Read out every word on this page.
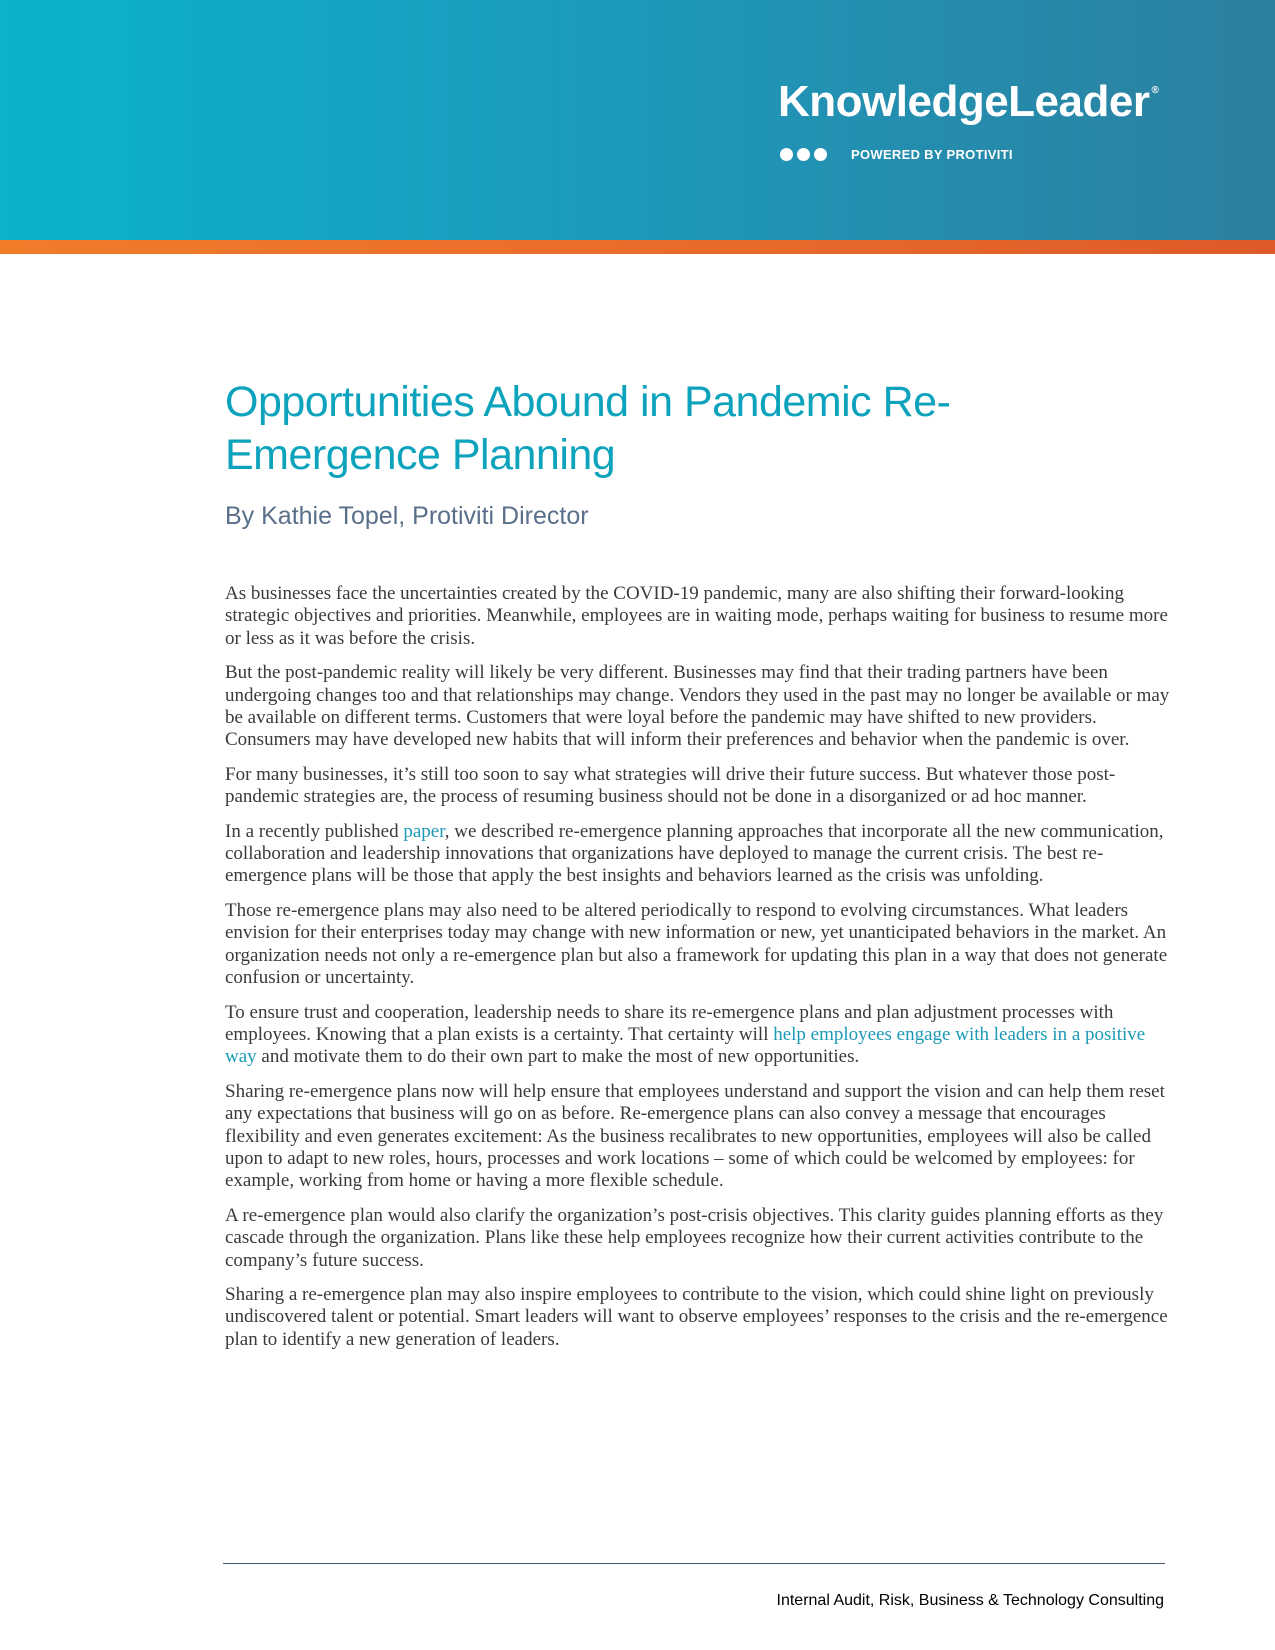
KnowledgeLeader ®
POWERED BY PROTIVITI
Opportunities Abound in Pandemic Re-Emergence Planning

By Kathie Topel, Protiviti Director

As businesses face the uncertainties created by the COVID-19 pandemic, many are also shifting their forward-looking strategic objectives and priorities. Meanwhile, employees are in waiting mode, perhaps waiting for business to resume more or less as it was before the crisis.

But the post-pandemic reality will likely be very different. Businesses may find that their trading partners have been undergoing changes too and that relationships may change. Vendors they used in the past may no longer be available or may be available on different terms. Customers that were loyal before the pandemic may have shifted to new providers. Consumers may have developed new habits that will inform their preferences and behavior when the pandemic is over.

For many businesses, it’s still too soon to say what strategies will drive their future success. But whatever those post-pandemic strategies are, the process of resuming business should not be done in a disorganized or ad hoc manner.

In a recently published paper, we described re-emergence planning approaches that incorporate all the new communication, collaboration and leadership innovations that organizations have deployed to manage the current crisis. The best re-emergence plans will be those that apply the best insights and behaviors learned as the crisis was unfolding.

Those re-emergence plans may also need to be altered periodically to respond to evolving circumstances. What leaders envision for their enterprises today may change with new information or new, yet unanticipated behaviors in the market. An organization needs not only a re-emergence plan but also a framework for updating this plan in a way that does not generate confusion or uncertainty.

To ensure trust and cooperation, leadership needs to share its re-emergence plans and plan adjustment processes with employees. Knowing that a plan exists is a certainty. That certainty will help employees engage with leaders in a positive way and motivate them to do their own part to make the most of new opportunities.

Sharing re-emergence plans now will help ensure that employees understand and support the vision and can help them reset any expectations that business will go on as before. Re-emergence plans can also convey a message that encourages flexibility and even generates excitement: As the business recalibrates to new opportunities, employees will also be called upon to adapt to new roles, hours, processes and work locations – some of which could be welcomed by employees: for example, working from home or having a more flexible schedule.

A re-emergence plan would also clarify the organization’s post-crisis objectives. This clarity guides planning efforts as they cascade through the organization. Plans like these help employees recognize how their current activities contribute to the company’s future success.

Sharing a re-emergence plan may also inspire employees to contribute to the vision, which could shine light on previously undiscovered talent or potential. Smart leaders will want to observe employees’ responses to the crisis and the re-emergence plan to identify a new generation of leaders.

Internal Audit, Risk, Business & Technology Consulting
